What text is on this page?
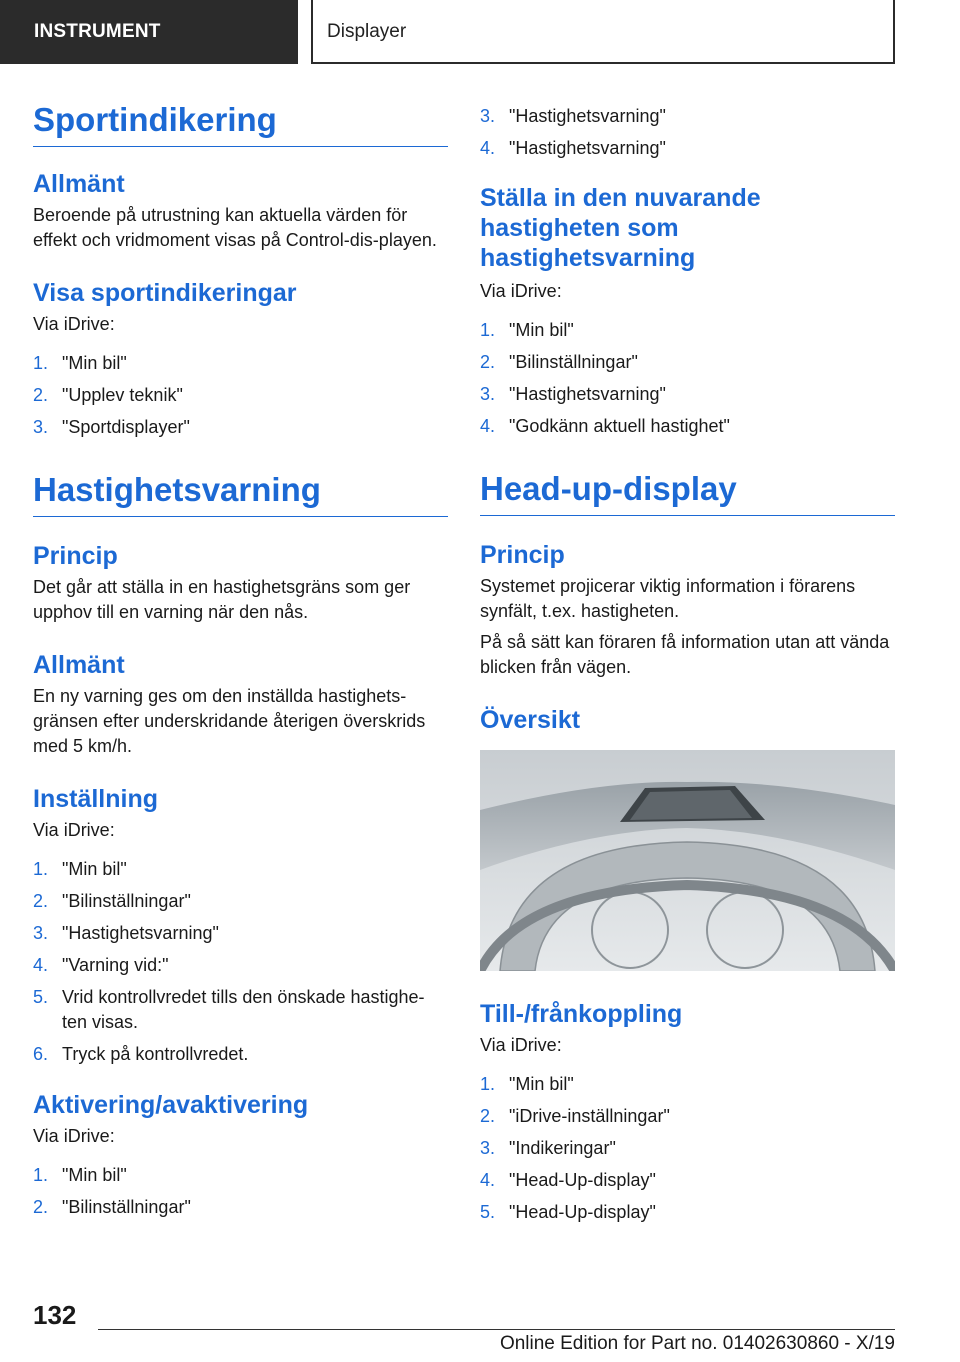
INSTRUMENT	Displayer
Sportindikering
Allmänt

Beroende på utrustning kan aktuella värden för effekt och vridmoment visas på Control-dis-playen.

Visa sportindikeringar

Via iDrive:

1. "Min bil"
2. "Upplev teknik"
3. "Sportdisplayer"
Hastighetsvarning
Princip

Det går att ställa in en hastighetsgräns som ger upphov till en varning när den nås.

Allmänt

En ny varning ges om den inställda hastighets-gränsen efter underskridande återigen överskrids med 5 km/h.

Inställning

Via iDrive:

1. "Min bil"
2. "Bilinställningar"
3. "Hastighetsvarning"
4. "Varning vid:"
5. Vrid kontrollvredet tills den önskade hastighe-ten visas.
6. Tryck på kontrollvredet.
Aktivering/avaktivering

Via iDrive:

1. "Min bil"
2. "Bilinställningar"
3. "Hastighetsvarning"
4. "Hastighetsvarning"
Ställa in den nuvarande hastigheten som hastighetsvarning

Via iDrive:

1. "Min bil"
2. "Bilinställningar"
3. "Hastighetsvarning"
4. "Godkänn aktuell hastighet"
Head-up-display
Princip

Systemet projicerar viktig information i förarens synfält, t.ex. hastigheten.

På så sätt kan föraren få information utan att vända blicken från vägen.

Översikt
Till-/frånkoppling

Via iDrive:

1. "Min bil"
2. "iDrive-inställningar"
3. "Indikeringar"
4. "Head-Up-display"
5. "Head-Up-display"
132
Online Edition for Part no. 01402630860 - X/19
